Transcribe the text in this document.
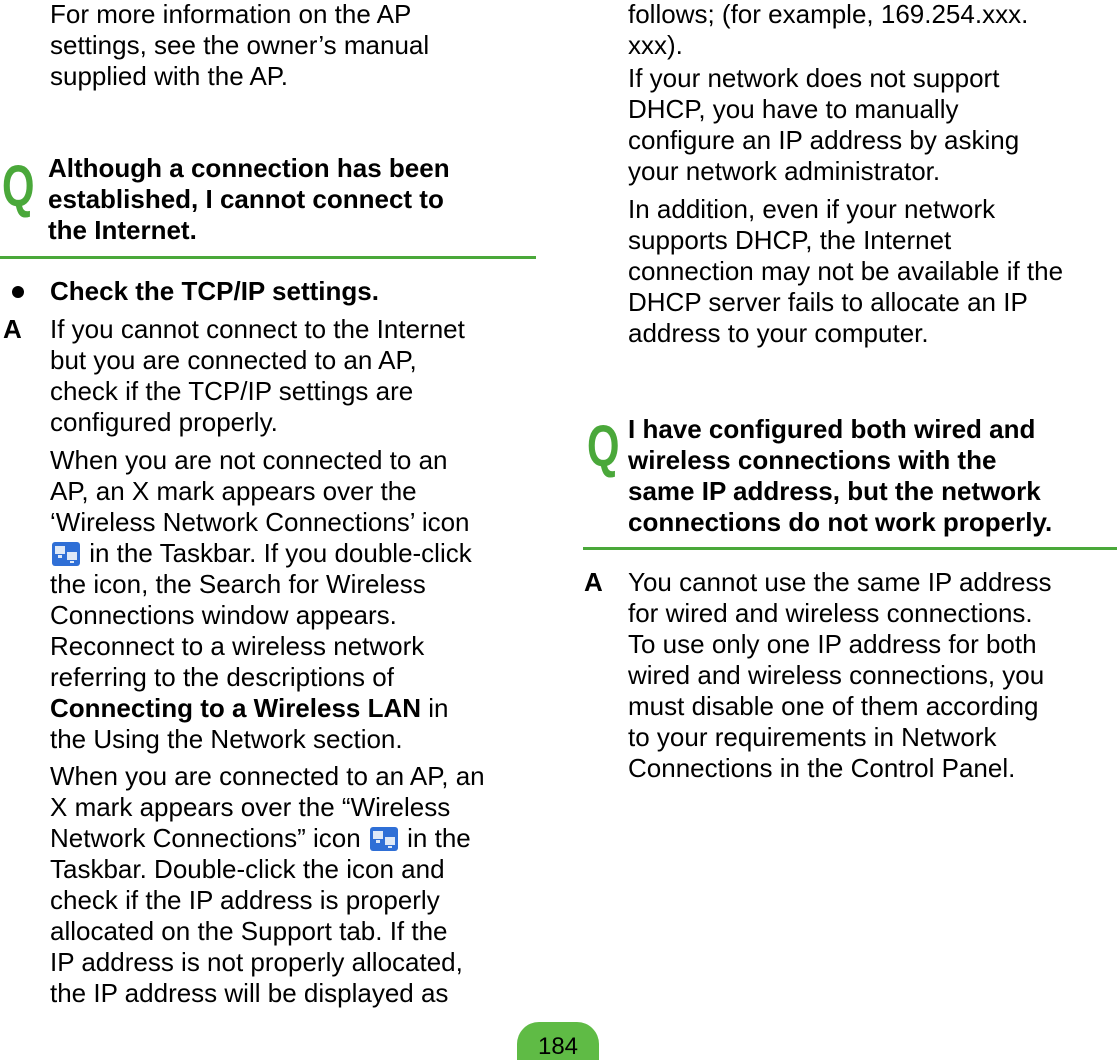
For more information on the AP
settings, see the owner’s manual
supplied with the AP.
Q Although a connection has been
established, I cannot connect to
the Internet.
Check the TCP/IP settings.
A If you cannot connect to the Internet
but you are connected to an AP,
check if the TCP/IP settings are
configured properly.
When you are not connected to an
AP, an X mark appears over the
‘Wireless Network Connections’ icon
in the Taskbar. If you double-click
the icon, the Search for Wireless
Connections window appears.
Reconnect to a wireless network
referring to the descriptions of
Connecting to a Wireless LAN in
the Using the Network section.
When you are connected to an AP, an
X mark appears over the “Wireless
Network Connections” icon  in the
Taskbar. Double-click the icon and
check if the IP address is properly
allocated on the Support tab. If the
IP address is not properly allocated,
the IP address will be displayed as
follows; (for example, 169.254.xxx.
xxx).
If your network does not support
DHCP, you have to manually
configure an IP address by asking
your network administrator.
In addition, even if your network
supports DHCP, the Internet
connection may not be available if the
DHCP server fails to allocate an IP
address to your computer.
Q I have configured both wired and
wireless connections with the
same IP address, but the network
connections do not work properly.
A You cannot use the same IP address
for wired and wireless connections.
To use only one IP address for both
wired and wireless connections, you
must disable one of them according
to your requirements in Network
Connections in the Control Panel.
184
